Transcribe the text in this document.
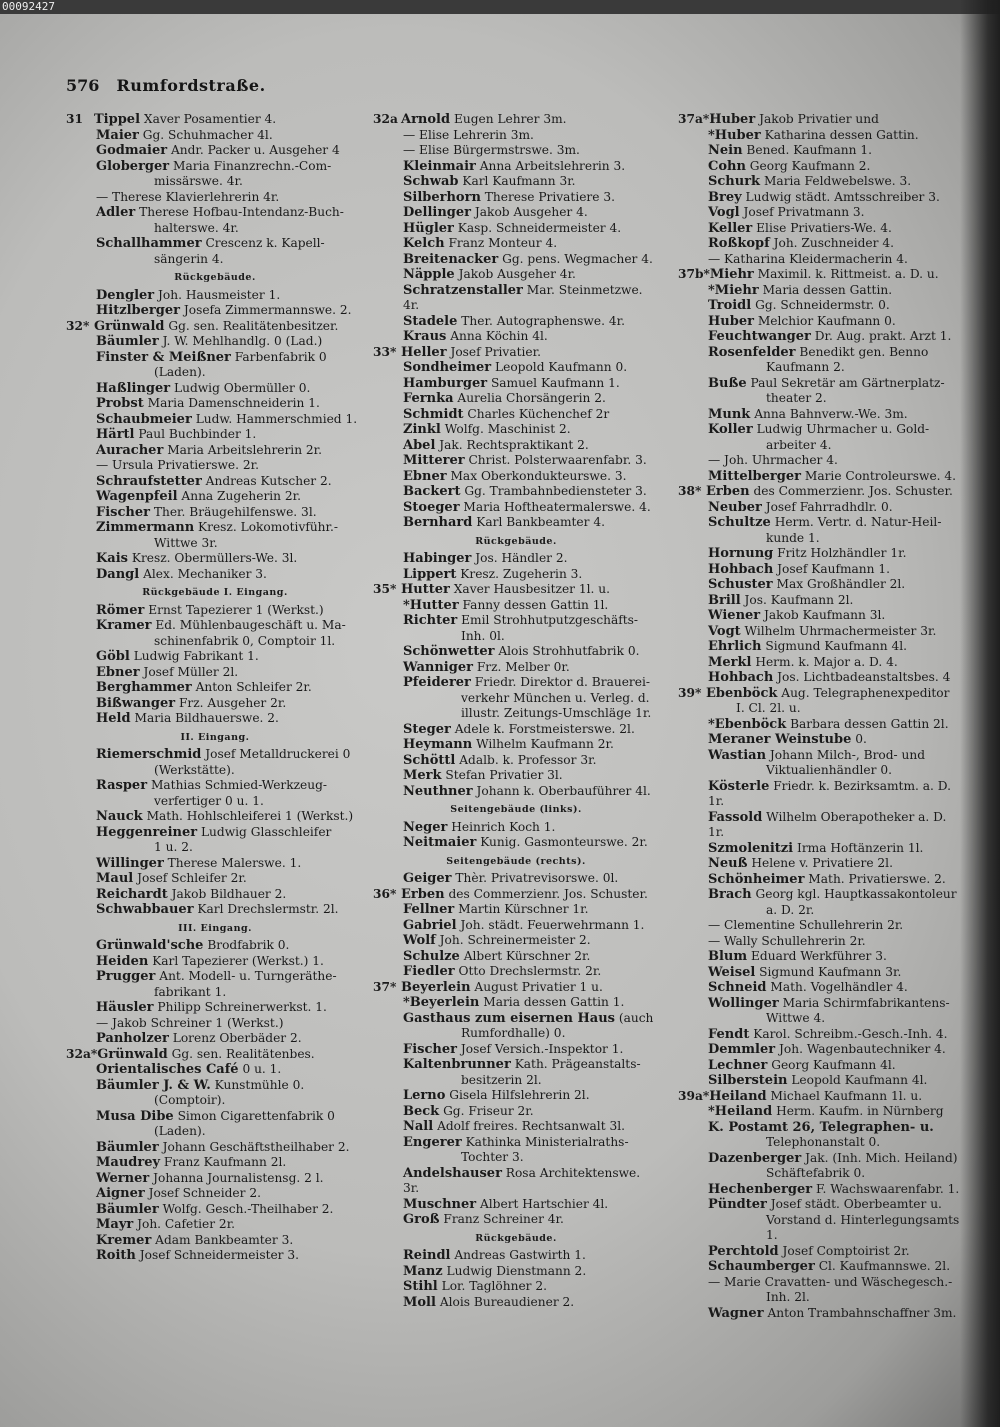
00092427
576 Rumfordstraße.
31 Tippel Xaver Posamentier 4.
Maier Gg. Schuhmacher 4l.
Godmaier Andr. Packer u. Ausgeher 4
Globerger Maria Finanzrechn.-Com-
missärswe. 4r.
— Therese Klavierlehrerin 4r.
Adler Therese Hofbau-Intendanz-Buch-
halterswe. 4r.
Schallhammer Crescenz k. Kapell-
sängerin 4.
Rückgebäude.
Dengler Joh. Hausmeister 1.
Hitzlberger Josefa Zimmermannswe. 2.
32* Grünwald Gg. sen. Realitätenbesitzer.
Bäumler J. W. Mehlhandlg. 0 (Lad.)
Finster & Meißner Farbenfabrik 0
(Laden).
Haßlinger Ludwig Obermüller 0.
Probst Maria Damenschneiderin 1.
Schaubmeier Ludw. Hammerschmied 1.
Härtl Paul Buchbinder 1.
Auracher Maria Arbeitslehrerin 2r.
— Ursula Privatierswe. 2r.
Schraufstetter Andreas Kutscher 2.
Wagenpfeil Anna Zugeherin 2r.
Fischer Ther. Bräugehilfenswe. 3l.
Zimmermann Kresz. Lokomotivführ.-
Wittwe 3r.
Kais Kresz. Obermüllers-We. 3l.
Dangl Alex. Mechaniker 3.
Rückgebäude I. Eingang.
Römer Ernst Tapezierer 1 (Werkst.)
Kramer Ed. Mühlenbaugeschäft u. Ma-
schinenfabrik 0, Comptoir 1l.
Göbl Ludwig Fabrikant 1.
Ebner Josef Müller 2l.
Berghammer Anton Schleifer 2r.
Bißwanger Frz. Ausgeher 2r.
Held Maria Bildhauerswe. 2.
II. Eingang.
Riemerschmid Josef Metalldruckerei 0
(Werkstätte).
Rasper Mathias Schmied-Werkzeug-
verfertiger 0 u. 1.
Nauck Math. Hohlschleiferei 1 (Werkst.)
Heggenreiner Ludwig Glasschleifer
1 u. 2.
Willinger Therese Malerswe. 1.
Maul Josef Schleifer 2r.
Reichardt Jakob Bildhauer 2.
Schwabbauer Karl Drechslermstr. 2l.
III. Eingang.
Grünwald'sche Brodfabrik 0.
Heiden Karl Tapezierer (Werkst.) 1.
Prugger Ant. Modell- u. Turngeräthe-
fabrikant 1.
Häusler Philipp Schreinerwerkst. 1.
— Jakob Schreiner 1 (Werkst.)
Panholzer Lorenz Oberbäder 2.
32a*Grünwald Gg. sen. Realitätenbes.
Orientalisches Café 0 u. 1.
Bäumler J. & W. Kunstmühle 0.
(Comptoir).
Musa Dibe Simon Cigarettenfabrik 0
(Laden).
Bäumler Johann Geschäftstheilhaber 2.
Maudrey Franz Kaufmann 2l.
Werner Johanna Journalistensg. 2 l.
Aigner Josef Schneider 2.
Bäumler Wolfg. Gesch.-Theilhaber 2.
Mayr Joh. Cafetier 2r.
Kremer Adam Bankbeamter 3.
Roith Josef Schneidermeister 3.
32a Arnold Eugen Lehrer 3m.
— Elise Lehrerin 3m.
— Elise Bürgermstrswe. 3m.
Kleinmair Anna Arbeitslehrerin 3.
Schwab Karl Kaufmann 3r.
Silberhorn Therese Privatiere 3.
Dellinger Jakob Ausgeher 4.
Hügler Kasp. Schneidermeister 4.
Kelch Franz Monteur 4.
Breitenacker Gg. pens. Wegmacher 4.
Näpple Jakob Ausgeher 4r.
Schratzenstaller Mar. Steinmetzwe. 4r.
Stadele Ther. Autographenswe. 4r.
Kraus Anna Köchin 4l.
33* Heller Josef Privatier.
Sondheimer Leopold Kaufmann 0.
Hamburger Samuel Kaufmann 1.
Fernka Aurelia Chorsängerin 2.
Schmidt Charles Küchenchef 2r
Zinkl Wolfg. Maschinist 2.
Abel Jak. Rechtspraktikant 2.
Mitterer Christ. Polsterwaarenfabr. 3.
Ebner Max Oberkondukteurswe. 3.
Backert Gg. Trambahnbediensteter 3.
Stoeger Maria Hoftheatermalerswe. 4.
Bernhard Karl Bankbeamter 4.
Rückgebäude.
Habinger Jos. Händler 2.
Lippert Kresz. Zugeherin 3.
35* Hutter Xaver Hausbesitzer 1l. u.
*Hutter Fanny dessen Gattin 1l.
Richter Emil Strohhutputzgeschäfts-
Inh. 0l.
Schönwetter Alois Strohhutfabrik 0.
Wanniger Frz. Melber 0r.
Pfeiderer Friedr. Direktor d. Brauerei-
verkehr München u. Verleg. d. illustr. Zeitungs-Umschläge 1r.
Steger Adele k. Forstmeisterswe. 2l.
Heymann Wilhelm Kaufmann 2r.
Schöttl Adalb. k. Professor 3r.
Merk Stefan Privatier 3l.
Neuthner Johann k. Oberbauführer 4l.
Seitengebäude (links).
Neger Heinrich Koch 1.
Neitmaier Kunig. Gasmonteurswe. 2r.
Seitengebäude (rechts).
Geiger Thèr. Privatrevisorswe. 0l.
36* Erben des Commerzienr. Jos. Schuster.
Fellner Martin Kürschner 1r.
Gabriel Joh. städt. Feuerwehrmann 1.
Wolf Joh. Schreinermeister 2.
Schulze Albert Kürschner 2r.
Fiedler Otto Drechslermstr. 2r.
37* Beyerlein August Privatier 1 u.
*Beyerlein Maria dessen Gattin 1.
Gasthaus zum eisernen Haus (auch
Rumfordhalle) 0.
Fischer Josef Versich.-Inspektor 1.
Kaltenbrunner Kath. Prägeanstalts-
besitzerin 2l.
Lerno Gisela Hilfslehrerin 2l.
Beck Gg. Friseur 2r.
Nall Adolf freires. Rechtsanwalt 3l.
Engerer Kathinka Ministerialraths-
Tochter 3.
Andelshauser Rosa Architektenswe. 3r.
Muschner Albert Hartschier 4l.
Groß Franz Schreiner 4r.
Rückgebäude.
Reindl Andreas Gastwirth 1.
Manz Ludwig Dienstmann 2.
Stihl Lor. Taglöhner 2.
Moll Alois Bureaudiener 2.
37a*Huber Jakob Privatier und
*Huber Katharina dessen Gattin.
Nein Bened. Kaufmann 1.
Cohn Georg Kaufmann 2.
Schurk Maria Feldwebelswe. 3.
Brey Ludwig städt. Amtsschreiber 3.
Vogl Josef Privatmann 3.
Keller Elise Privatiers-We. 4.
Roßkopf Joh. Zuschneider 4.
— Katharina Kleidermacherin 4.
37b*Miehr Maximil. k. Rittmeist. a. D. u.
*Miehr Maria dessen Gattin.
Troidl Gg. Schneidermstr. 0.
Huber Melchior Kaufmann 0.
Feuchtwanger Dr. Aug. prakt. Arzt 1.
Rosenfelder Benedikt gen. Benno
Kaufmann 2.
Buße Paul Sekretär am Gärtnerplatz-
theater 2.
Munk Anna Bahnverw.-We. 3m.
Koller Ludwig Uhrmacher u. Gold-
arbeiter 4.
— Joh. Uhrmacher 4.
Mittelberger Marie Controleurswe. 4.
38* Erben des Commerzienr. Jos. Schuster.
Neuber Josef Fahrradhdlr. 0.
Schultze Herm. Vertr. d. Natur-Heil-
kunde 1.
Hornung Fritz Holzhändler 1r.
Hohbach Josef Kaufmann 1.
Schuster Max Großhändler 2l.
Brill Jos. Kaufmann 2l.
Wiener Jakob Kaufmann 3l.
Vogt Wilhelm Uhrmachermeister 3r.
Ehrlich Sigmund Kaufmann 4l.
Merkl Herm. k. Major a. D. 4.
Hohbach Jos. Lichtbadeanstaltsbes. 4
39* Ebenböck Aug. Telegraphenexpeditor
I. Cl. 2l. u.
*Ebenböck Barbara dessen Gattin 2l.
Meraner Weinstube 0.
Wastian Johann Milch-, Brod- und
Viktualienhändler 0.
Kösterle Friedr. k. Bezirksamtm. a. D. 1r.
Fassold Wilhelm Oberapotheker a. D. 1r.
Szmolenitzi Irma Hoftänzerin 1l.
Neuß Helene v. Privatiere 2l.
Schönheimer Math. Privatierswe. 2.
Brach Georg kgl. Hauptkassakontoleur
a. D. 2r.
— Clementine Schullehrerin 2r.
— Wally Schullehrerin 2r.
Blum Eduard Werkführer 3.
Weisel Sigmund Kaufmann 3r.
Schneid Math. Vogelhändler 4.
Wollinger Maria Schirmfabrikantens-
Wittwe 4.
Fendt Karol. Schreibm.-Gesch.-Inh. 4.
Demmler Joh. Wagenbautechniker 4.
Lechner Georg Kaufmann 4l.
Silberstein Leopold Kaufmann 4l.
39a*Heiland Michael Kaufmann 1l. u.
*Heiland Herm. Kaufm. in Nürnberg
K. Postamt 26, Telegraphen- u.
Telephonanstalt 0.
Dazenberger Jak. (Inh. Mich. Heiland)
Schäftefabrik 0.
Hechenberger F. Wachswaarenfabr. 1.
Pündter Josef städt. Oberbeamter u.
Vorstand d. Hinterlegungsamts 1.
Perchtold Josef Comptoirist 2r.
Schaumberger Cl. Kaufmannswe. 2l.
— Marie Cravatten- und Wäschegesch.-
Inh. 2l.
Wagner Anton Trambahnschaffner 3m.
